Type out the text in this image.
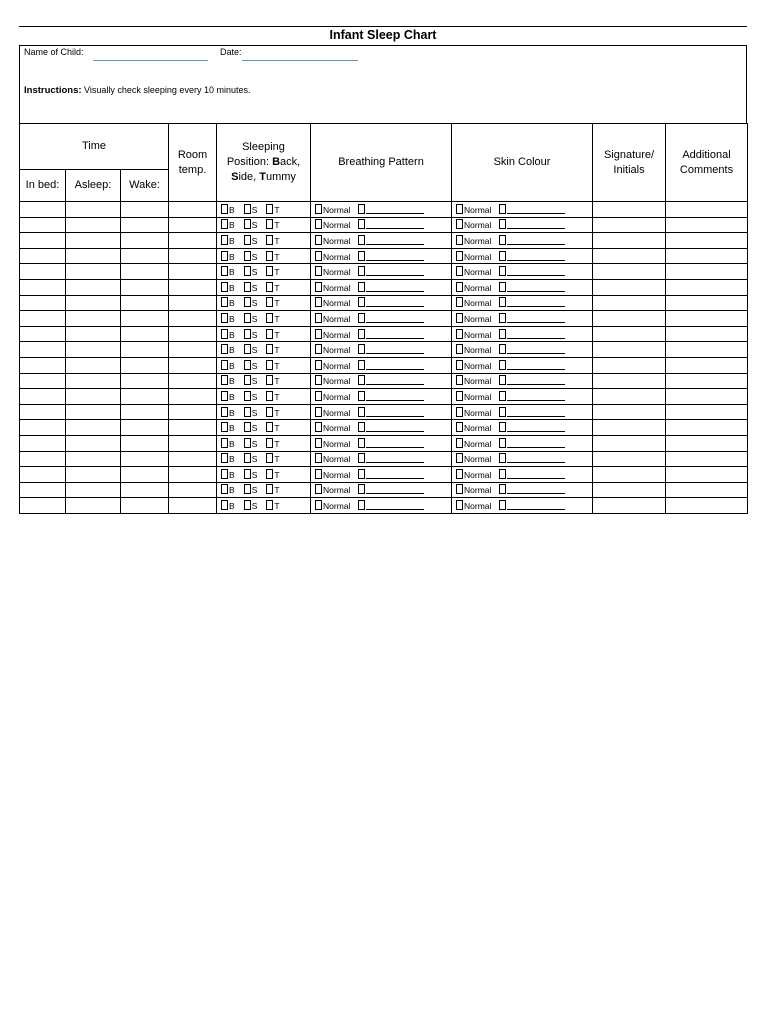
Infant Sleep Chart
Name of Child:	Date:
Instructions: Visually check sleeping every 10 minutes.
Time			Room temp.	Sleeping
Position: Back,
Side, Tummy	Breathing Pattern	Skin Colour	Signature/ Initials	Additional Comments
In bed:	Asleep:	Wake:						
				B S T	Normal	Normal		
				B S T	Normal	Normal		
				B S T	Normal	Normal		
				B S T	Normal	Normal		
				B S T	Normal	Normal		
				B S T	Normal	Normal		
				B S T	Normal	Normal		
				B S T	Normal	Normal		
				B S T	Normal	Normal		
				B S T	Normal	Normal		
				B S T	Normal	Normal		
				B S T	Normal	Normal		
				B S T	Normal	Normal		
				B S T	Normal	Normal		
				B S T	Normal	Normal		
				B S T	Normal	Normal		
				B S T	Normal	Normal		
				B S T	Normal	Normal		
				B S T	Normal	Normal		
				B S T	Normal	Normal		
